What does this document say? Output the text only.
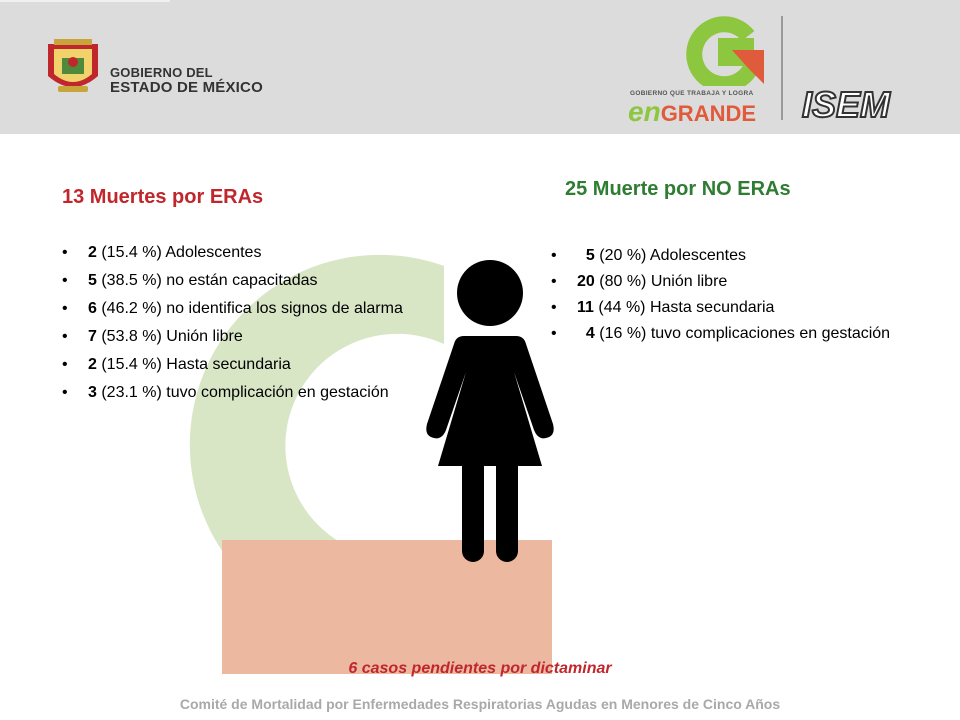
GOBIERNO DEL
ESTADO DE MÉXICO	GOBIERNO QUE TRABAJA Y LOGRA
enGRANDE ISEM
13 Muertes por ERAs
• 2 (15.4 %) Adolescentes
• 5 (38.5 %) no están capacitadas
• 6 (46.2 %) no identifica los signos de alarma
• 7 (53.8 %) Unión libre
• 2 (15.4 %) Hasta secundaria
• 3 (23.1 %) tuvo complicación en gestación
25 Muerte por NO ERAs
• 5 (20 %) Adolescentes
• 20 (80 %) Unión libre
• 11 (44 %) Hasta secundaria
• 4 (16 %) tuvo complicaciones en gestación
6 casos pendientes por dictaminar
Comité de Mortalidad por Enfermedades Respiratorias Agudas en Menores de Cinco Años
